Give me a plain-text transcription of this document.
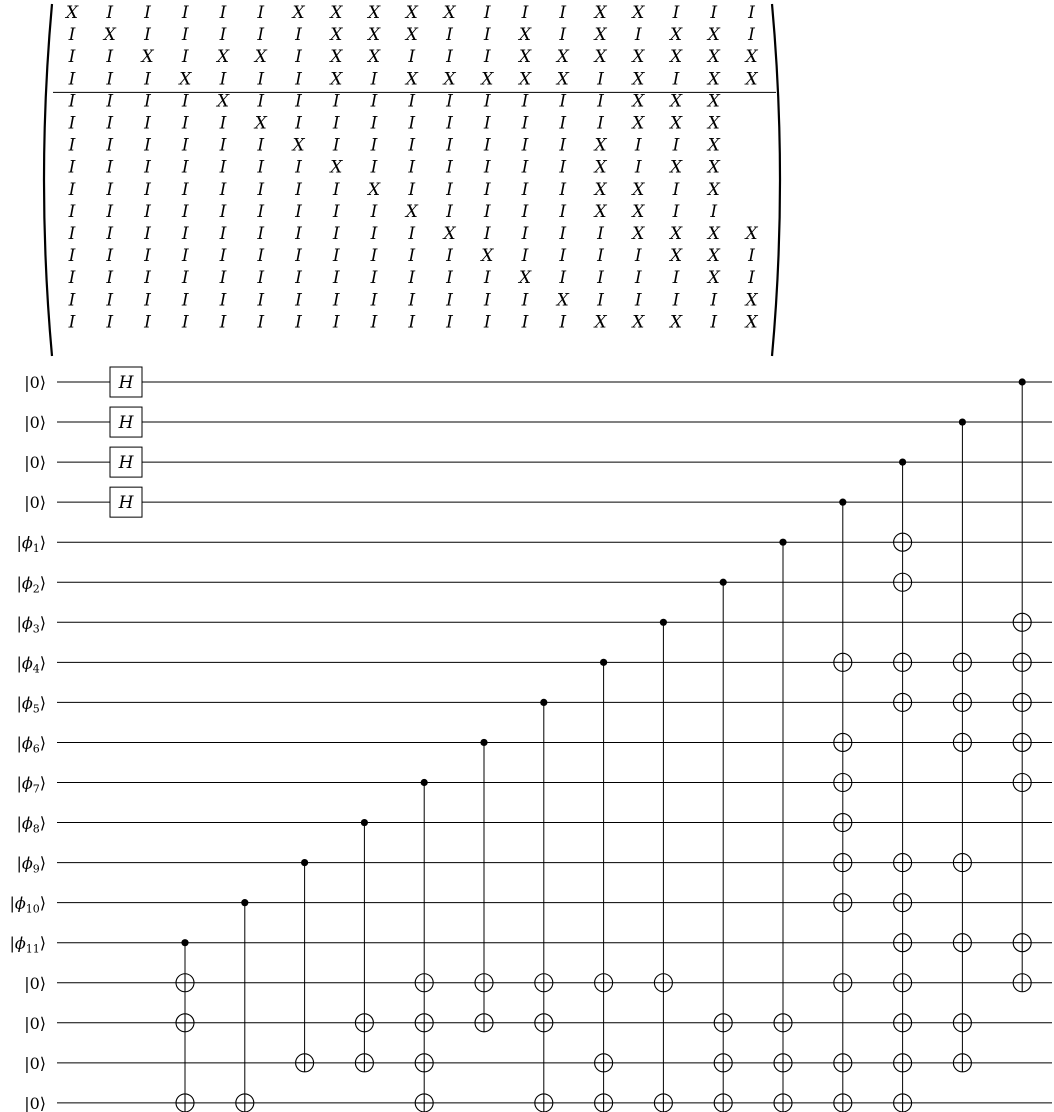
X I I I I I X X X X X I I I X X I I I
I X I I I I I X X X I I X I X I X X I
I I X I X X I X X I I I X X X X X X X
I I I X I I I X I X X X X X I X I X X
I I I I X I I I I I I I I I I X X X
I I I I I X I I I I I I I I I X X X
I I I I I I X I I I I I I I X I I X
I I I I I I I X I I I I I I X I X X
I I I I I I I I X I I I I I X X I X
I I I I I I I I I X I I I I X X I I
I I I I I I I I I I X I I I I X X X X
I I I I I I I I I I I X I I I I X X I
I I I I I I I I I I I I X I I I I X I
I I I I I I I I I I I I I X I I I I X
I I I I I I I I I I I I I I X X X I X
|0⟩
|0⟩
|0⟩
|0⟩
$|\phi_1⟩$
$|\phi_2⟩$
$|\phi_3⟩$
$|\phi_4⟩$
$|\phi_5⟩$
$|\phi_6⟩$
$|\phi_7⟩$
$|\phi_8⟩$
$|\phi_9⟩$
$|\phi_{10}⟩$
$|\phi_{11}⟩$
|0⟩
|0⟩
|0⟩
|0⟩
H
H
H
H
